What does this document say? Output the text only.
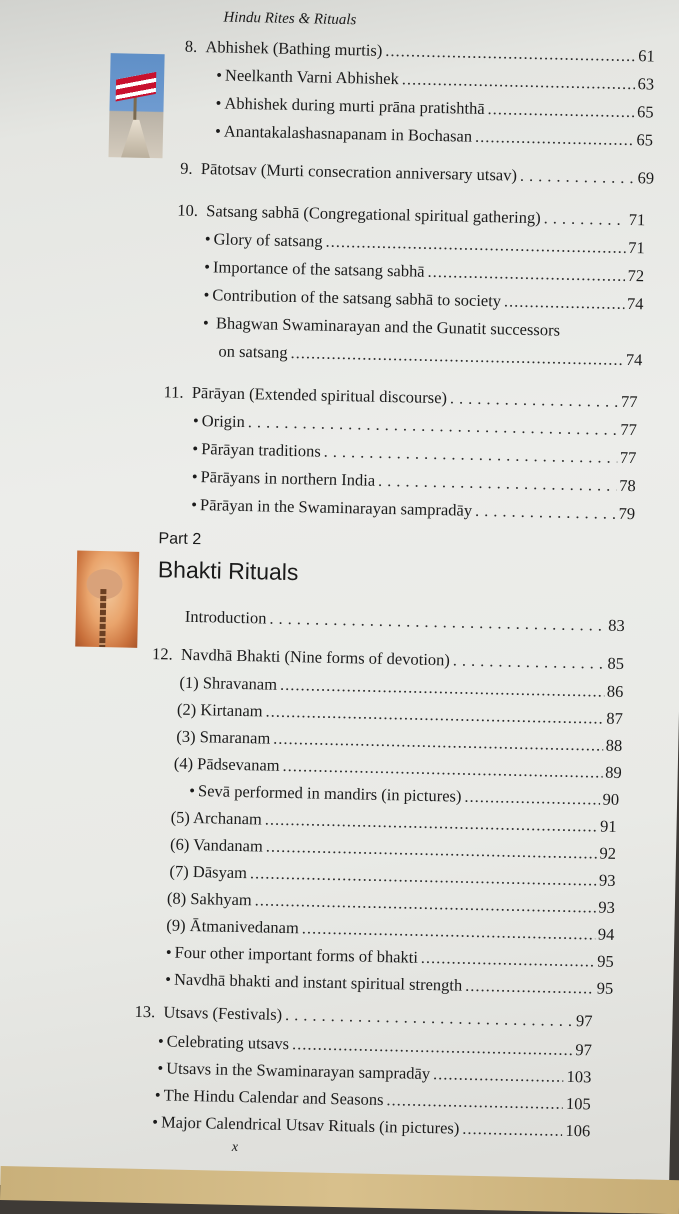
Hindu Rites & Rituals
8.
Abhishek (Bathing murtis) .....	61
• Neelkanth Varni Abhishek .....	63
• Abhishek during murti prāna pratishthā .....	65
• Anantakalashasnapanam in Bochasan .....	65
9.
Pātotsav (Murti consecration anniversary utsav) .....	69
10.
Satsang sabhā (Congregational spiritual gathering) .....	71
• Glory of satsang .....	71
• Importance of the satsang sabhā .....	72
• Contribution of the satsang sabhā to society .....	74
• Bhagwan Swaminarayan and the Gunatit successors
on satsang .....	74
11.
Pārāyan (Extended spiritual discourse) .....	77
• Origin .....	77
• Pārāyan traditions .....	77
• Pārāyans in northern India .....	78
• Pārāyan in the Swaminarayan sampradāy .....	79
Part 2
Bhakti Rituals
Introduction .....	83
12.
Navdhā Bhakti (Nine forms of devotion) .....	85
(1) Shravanam .....	86
(2) Kirtanam .....	87
(3) Smaranam .....	88
(4) Pādsevanam .....	89
• Sevā performed in mandirs (in pictures) .....	90
(5) Archanam .....	91
(6) Vandanam .....	92
(7) Dāsyam .....	93
(8) Sakhyam .....	93
(9) Ātmanivedanam .....	94
• Four other important forms of bhakti .....	95
• Navdhā bhakti and instant spiritual strength .....	95
13.
Utsavs (Festivals) .....	97
• Celebrating utsavs .....	97
• Utsavs in the Swaminarayan sampradāy .....	103
• The Hindu Calendar and Seasons .....	105
• Major Calendrical Utsav Rituals (in pictures) .....	106
x
